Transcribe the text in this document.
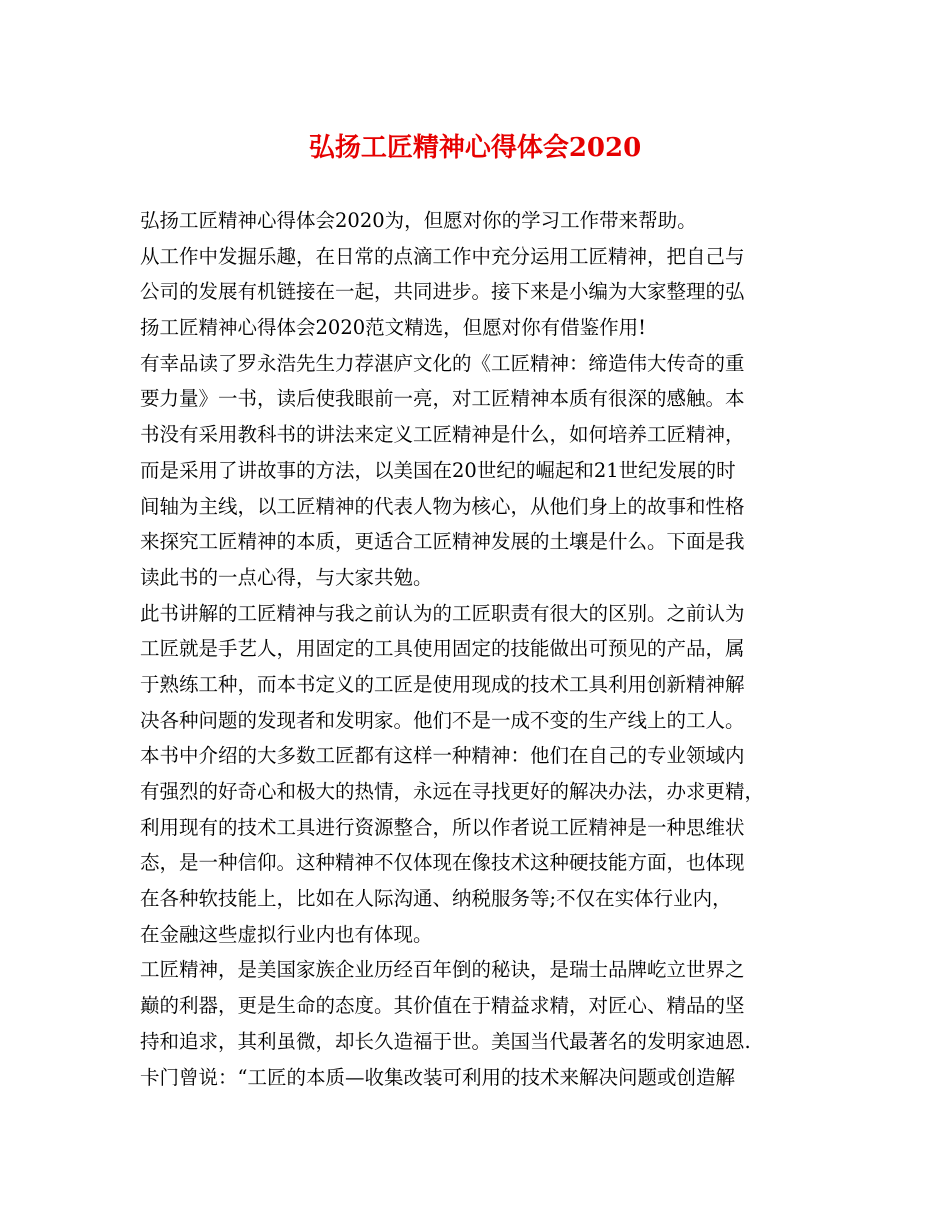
弘扬工匠精神心得体会2020
弘扬工匠精神心得体会2020为，但愿对你的学习工作带来帮助。
从工作中发掘乐趣，在日常的点滴工作中充分运用工匠精神，把自己与
公司的发展有机链接在一起，共同进步。接下来是小编为大家整理的弘
扬工匠精神心得体会2020范文精选，但愿对你有借鉴作用!
有幸品读了罗永浩先生力荐湛庐文化的《工匠精神：缔造伟大传奇的重
要力量》一书，读后使我眼前一亮，对工匠精神本质有很深的感触。本
书没有采用教科书的讲法来定义工匠精神是什么，如何培养工匠精神，
而是采用了讲故事的方法，以美国在20世纪的崛起和21世纪发展的时
间轴为主线，以工匠精神的代表人物为核心，从他们身上的故事和性格
来探究工匠精神的本质，更适合工匠精神发展的土壤是什么。下面是我
读此书的一点心得，与大家共勉。
此书讲解的工匠精神与我之前认为的工匠职责有很大的区别。之前认为
工匠就是手艺人，用固定的工具使用固定的技能做出可预见的产品，属
于熟练工种，而本书定义的工匠是使用现成的技术工具利用创新精神解
决各种问题的发现者和发明家。他们不是一成不变的生产线上的工人。
本书中介绍的大多数工匠都有这样一种精神：他们在自己的专业领域内
有强烈的好奇心和极大的热情，永远在寻找更好的解决办法，办求更精，
利用现有的技术工具进行资源整合，所以作者说工匠精神是一种思维状
态，是一种信仰。这种精神不仅体现在像技术这种硬技能方面，也体现
在各种软技能上，比如在人际沟通、纳税服务等;不仅在实体行业内，
在金融这些虚拟行业内也有体现。
工匠精神，是美国家族企业历经百年倒的秘诀，是瑞士品牌屹立世界之
巅的利器，更是生命的态度。其价值在于精益求精，对匠心、精品的坚
持和追求，其利虽微，却长久造福于世。美国当代最著名的发明家迪恩.
卡门曾说：“工匠的本质—收集改装可利用的技术来解决问题或创造解
